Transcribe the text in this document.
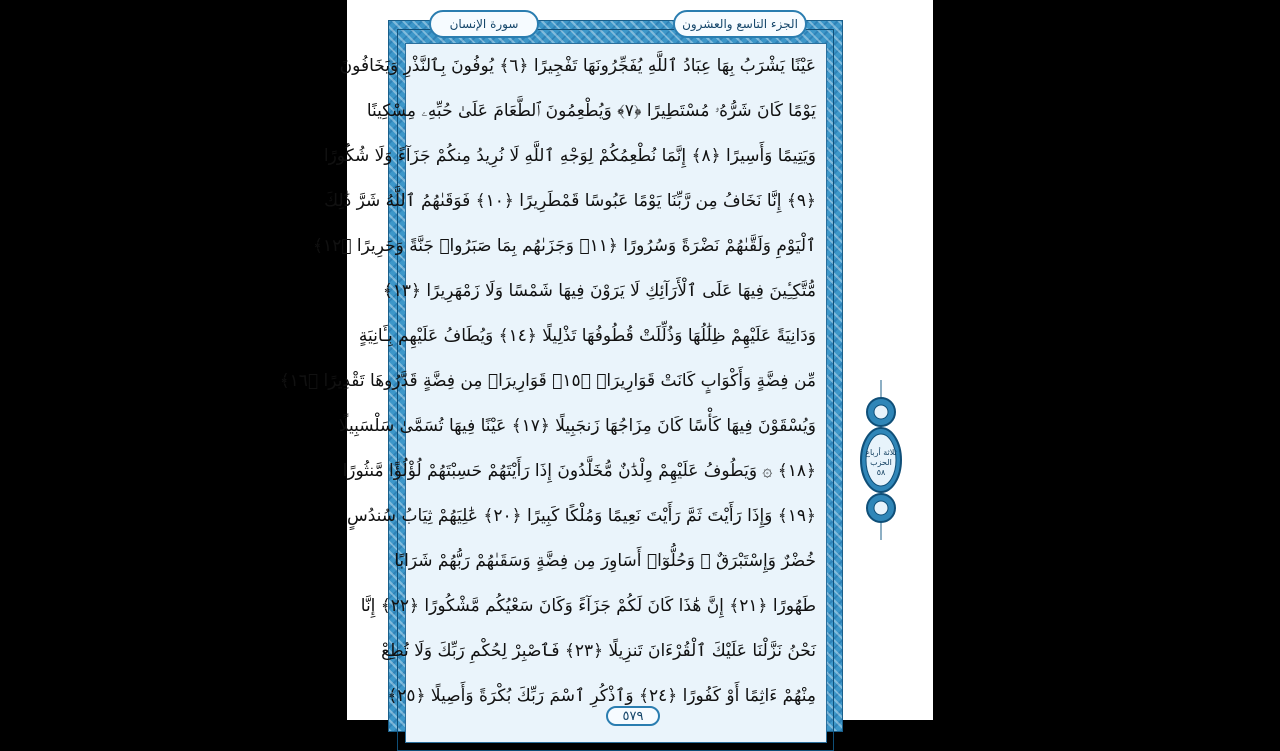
الجزء التاسع والعشرون
سورة الإنسان
عَيْنًا يَشْرَبُ بِهَا عِبَادُ ٱللَّهِ يُفَجِّرُونَهَا تَفْجِيرًا ﴿٦﴾ يُوفُونَ بِٱلنَّذْرِ وَيَخَافُونَ
يَوْمًا كَانَ شَرُّهُۥ مُسْتَطِيرًا ﴿٧﴾ وَيُطْعِمُونَ ٱلطَّعَامَ عَلَىٰ حُبِّهِۦ مِسْكِينًا
وَيَتِيمًا وَأَسِيرًا ﴿٨﴾ إِنَّمَا نُطْعِمُكُمْ لِوَجْهِ ٱللَّهِ لَا نُرِيدُ مِنكُمْ جَزَآءً وَلَا شُكُورًا
﴿٩﴾ إِنَّا نَخَافُ مِن رَّبِّنَا يَوْمًا عَبُوسًا قَمْطَرِيرًا ﴿١٠﴾ فَوَقَىٰهُمُ ٱللَّهُ شَرَّ ذَٰلِكَ
ٱلْيَوْمِ وَلَقَّىٰهُمْ نَضْرَةً وَسُرُورًا ﴿١١﴾ وَجَزَىٰهُم بِمَا صَبَرُوا۟ جَنَّةً وَحَرِيرًا ﴿١٢﴾
مُّتَّكِـِٔينَ فِيهَا عَلَى ٱلْأَرَآئِكِ لَا يَرَوْنَ فِيهَا شَمْسًا وَلَا زَمْهَرِيرًا ﴿١٣﴾
وَدَانِيَةً عَلَيْهِمْ ظِلَٰلُهَا وَذُلِّلَتْ قُطُوفُهَا تَذْلِيلًا ﴿١٤﴾ وَيُطَافُ عَلَيْهِم بِـَٔانِيَةٍ
مِّن فِضَّةٍ وَأَكْوَابٍ كَانَتْ قَوَارِيرَا۠ ﴿١٥﴾ قَوَارِيرَا۟ مِن فِضَّةٍ قَدَّرُوهَا تَقْدِيرًا ﴿١٦﴾
وَيُسْقَوْنَ فِيهَا كَأْسًا كَانَ مِزَاجُهَا زَنجَبِيلًا ﴿١٧﴾ عَيْنًا فِيهَا تُسَمَّىٰ سَلْسَبِيلًا
﴿١٨﴾ ۞ وَيَطُوفُ عَلَيْهِمْ وِلْدَٰنٌ مُّخَلَّدُونَ إِذَا رَأَيْتَهُمْ حَسِبْتَهُمْ لُؤْلُؤًا مَّنثُورًا
﴿١٩﴾ وَإِذَا رَأَيْتَ ثَمَّ رَأَيْتَ نَعِيمًا وَمُلْكًا كَبِيرًا ﴿٢٠﴾ عَٰلِيَهُمْ ثِيَابُ سُندُسٍ
خُضْرٌ وَإِسْتَبْرَقٌ ۖ وَحُلُّوٓا۟ أَسَاوِرَ مِن فِضَّةٍ وَسَقَىٰهُمْ رَبُّهُمْ شَرَابًا
طَهُورًا ﴿٢١﴾ إِنَّ هَٰذَا كَانَ لَكُمْ جَزَآءً وَكَانَ سَعْيُكُم مَّشْكُورًا ﴿٢٢﴾ إِنَّا
نَحْنُ نَزَّلْنَا عَلَيْكَ ٱلْقُرْءَانَ تَنزِيلًا ﴿٢٣﴾ فَٱصْبِرْ لِحُكْمِ رَبِّكَ وَلَا تُطِعْ
مِنْهُمْ ءَاثِمًا أَوْ كَفُورًا ﴿٢٤﴾ وَٱذْكُرِ ٱسْمَ رَبِّكَ بُكْرَةً وَأَصِيلًا ﴿٢٥﴾
٥٧٩
ثلاثة أرباع
الحزب
٥٨
